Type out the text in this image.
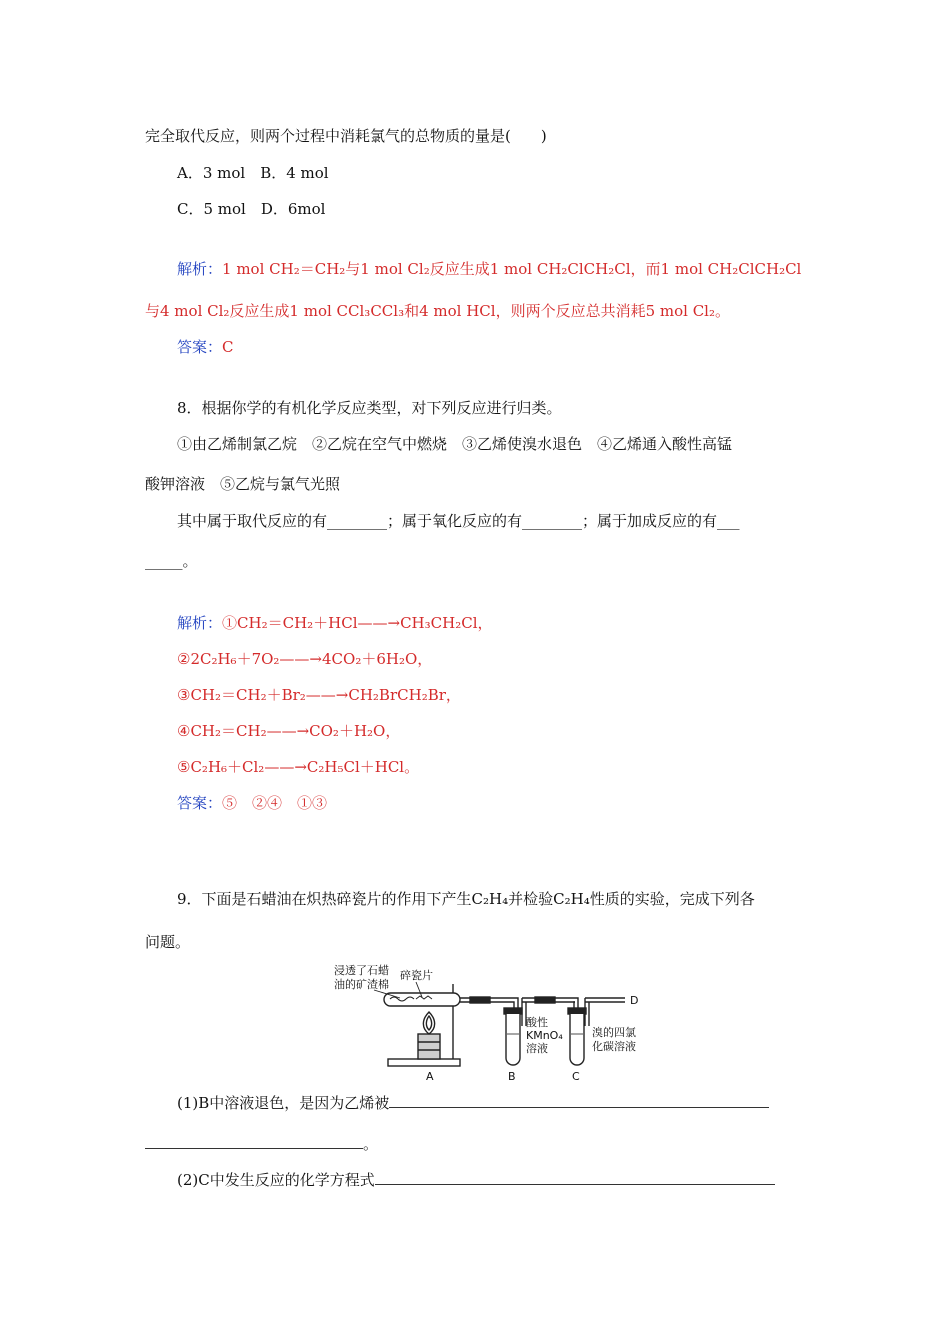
完全取代反应，则两个过程中消耗氯气的总物质的量是(　　)
A．3 mol　B．4 mol
C．5 mol　D．6mol
解析：1 mol CH₂＝CH₂与1 mol Cl₂反应生成1 mol CH₂ClCH₂Cl，而1 mol CH₂ClCH₂Cl
与4 mol Cl₂反应生成1 mol CCl₃CCl₃和4 mol HCl，则两个反应总共消耗5 mol Cl₂。
答案：C
8．根据你学的有机化学反应类型，对下列反应进行归类。
①由乙烯制氯乙烷　②乙烷在空气中燃烧　③乙烯使溴水退色　④乙烯通入酸性高锰
酸钾溶液　⑤乙烷与氯气光照
其中属于取代反应的有________；属于氧化反应的有________；属于加成反应的有___
_____。
解析：①CH₂＝CH₂＋HCl——→CH₃CH₂Cl，
②2C₂H₆＋7O₂——→4CO₂＋6H₂O，
③CH₂＝CH₂＋Br₂——→CH₂BrCH₂Br，
④CH₂＝CH₂——→CO₂＋H₂O，
⑤C₂H₆＋Cl₂——→C₂H₅Cl＋HCl。
答案：⑤　②④　①③
9．下面是石蜡油在炽热碎瓷片的作用下产生C₂H₄并检验C₂H₄性质的实验，完成下列各
问题。
浸透了石蜡
油的矿渣棉
碎瓷片
酸性
KMnO₄
溶液
溴的四氯
化碳溶液
A	B	C
D
(1)B中溶液退色，是因为乙烯被
。
(2)C中发生反应的化学方程式
